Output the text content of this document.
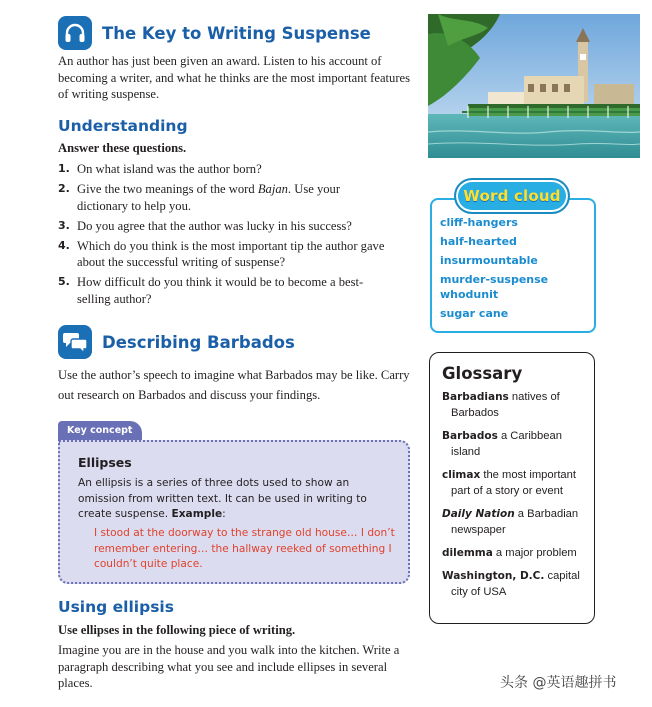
The Key to Writing Suspense

An author has just been given an award. Listen to his account of becoming a writer, and what he thinks are the most important features of writing suspense.

Understanding

Answer these questions.

1. On what island was the author born?
2. Give the two meanings of the word Bajan. Use your dictionary to help you.
3. Do you agree that the author was lucky in his success?
4. Which do you think is the most important tip the author gave about the successful writing of suspense?
5. How difficult do you think it would be to become a best-selling author?
Describing Barbados

Use the author’s speech to imagine what Barbados may be like. Carry out research on Barbados and discuss your findings.

Key concept
Ellipses

An ellipsis is a series of three dots used to show an omission from written text. It can be used in writing to create suspense. Example:

I stood at the doorway to the strange old house… I don’t remember entering… the hallway reeked of something I couldn’t quite place.

Using ellipsis

Use ellipses in the following piece of writing.

Imagine you are in the house and you walk into the kitchen. Write a paragraph describing what you see and include ellipses in several places.

Word cloud
cliff-hangers
half-hearted
insurmountable
murder-suspense whodunit
sugar cane
Glossary
Barbadians natives of Barbados
Barbados a Caribbean island
climax the most important part of a story or event
Daily Nation a Barbadian newspaper
dilemma a major problem
Washington, D.C. capital city of USA
头条 @英语趣拼书
